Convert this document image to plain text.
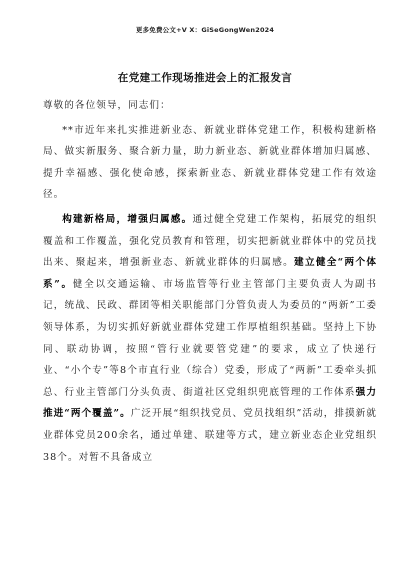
更多免费公文+V X：GiSeGongWen2024
在党建工作现场推进会上的汇报发言

尊敬的各位领导，同志们：

**市近年来扎实推进新业态、新就业群体党建工作，积极构建新格局、做实新服务、聚合新力量，助力新业态、新就业群体增加归属感、提升幸福感、强化使命感，探索新业态、新就业群体党建工作有效途径。

构建新格局，增强归属感。通过健全党建工作架构，拓展党的组织覆盖和工作覆盖，强化党员教育和管理，切实把新就业群体中的党员找出来、聚起来，增强新业态、新就业群体的归属感。建立健全“两个体系”。健全以交通运输、市场监管等行业主管部门主要负责人为副书记，统战、民政、群团等相关职能部门分管负责人为委员的“两新”工委领导体系，为切实抓好新就业群体党建工作厚植组织基础。坚持上下协同、联动协调，按照“管行业就要管党建”的要求，成立了快递行业、“小个专”等8个市直行业（综合）党委，形成了“两新”工委牵头抓总、行业主管部门分头负责、街道社区党组织兜底管理的工作体系强力推进“两个覆盖”。广泛开展“组织找党员、党员找组织”活动，排摸新就业群体党员200余名，通过单建、联建等方式，建立新业态企业党组织38个。对暂不具备成立
